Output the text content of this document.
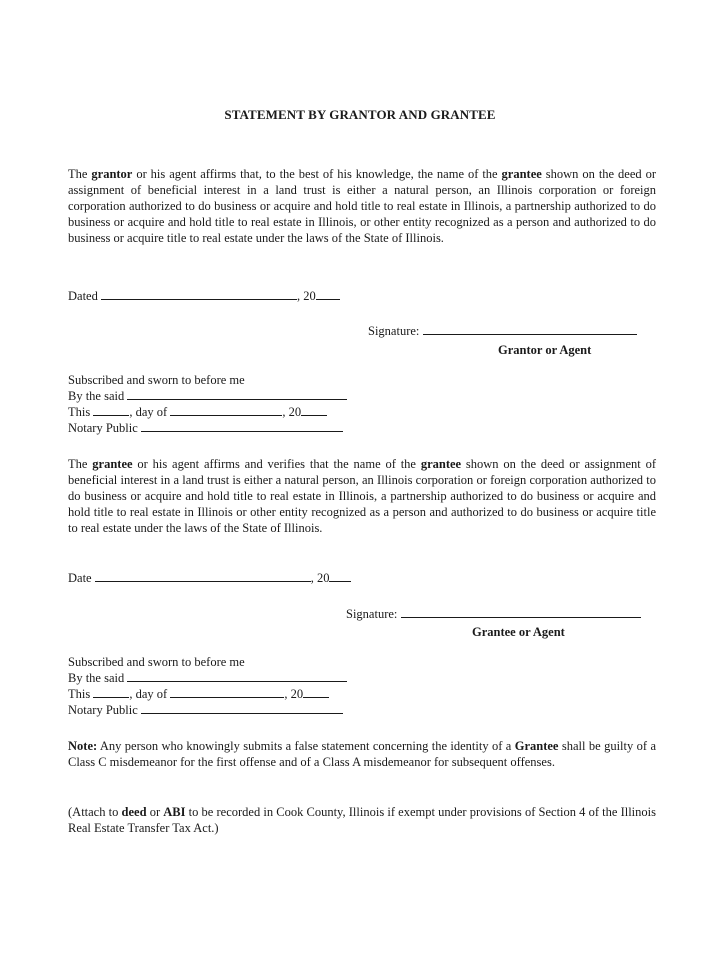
STATEMENT BY GRANTOR AND GRANTEE
The grantor or his agent affirms that, to the best of his knowledge, the name of the grantee shown on the deed or assignment of beneficial interest in a land trust is either a natural person, an Illinois corporation or foreign corporation authorized to do business or acquire and hold title to real estate in Illinois, a partnership authorized to do business or acquire and hold title to real estate in Illinois, or other entity recognized as a person and authorized to do business or acquire title to real estate under the laws of the State of Illinois.
Dated	, 20
Signature:
Grantor or Agent
Subscribed and sworn to before me
By the said
This	, day of	, 20
Notary Public
The grantee or his agent affirms and verifies that the name of the grantee shown on the deed or assignment of beneficial interest in a land trust is either a natural person, an Illinois corporation or foreign corporation authorized to do business or acquire and hold title to real estate in Illinois, a partnership authorized to do business or acquire and hold title to real estate in Illinois or other entity recognized as a person and authorized to do business or acquire title to real estate under the laws of the State of Illinois.
Date	, 20
Signature:
Grantee or Agent
Subscribed and sworn to before me
By the said
This	, day of	, 20
Notary Public
Note: Any person who knowingly submits a false statement concerning the identity of a Grantee shall be guilty of a Class C misdemeanor for the first offense and of a Class A misdemeanor for subsequent offenses.
(Attach to deed or ABI to be recorded in Cook County, Illinois if exempt under provisions of Section 4 of the Illinois Real Estate Transfer Tax Act.)
